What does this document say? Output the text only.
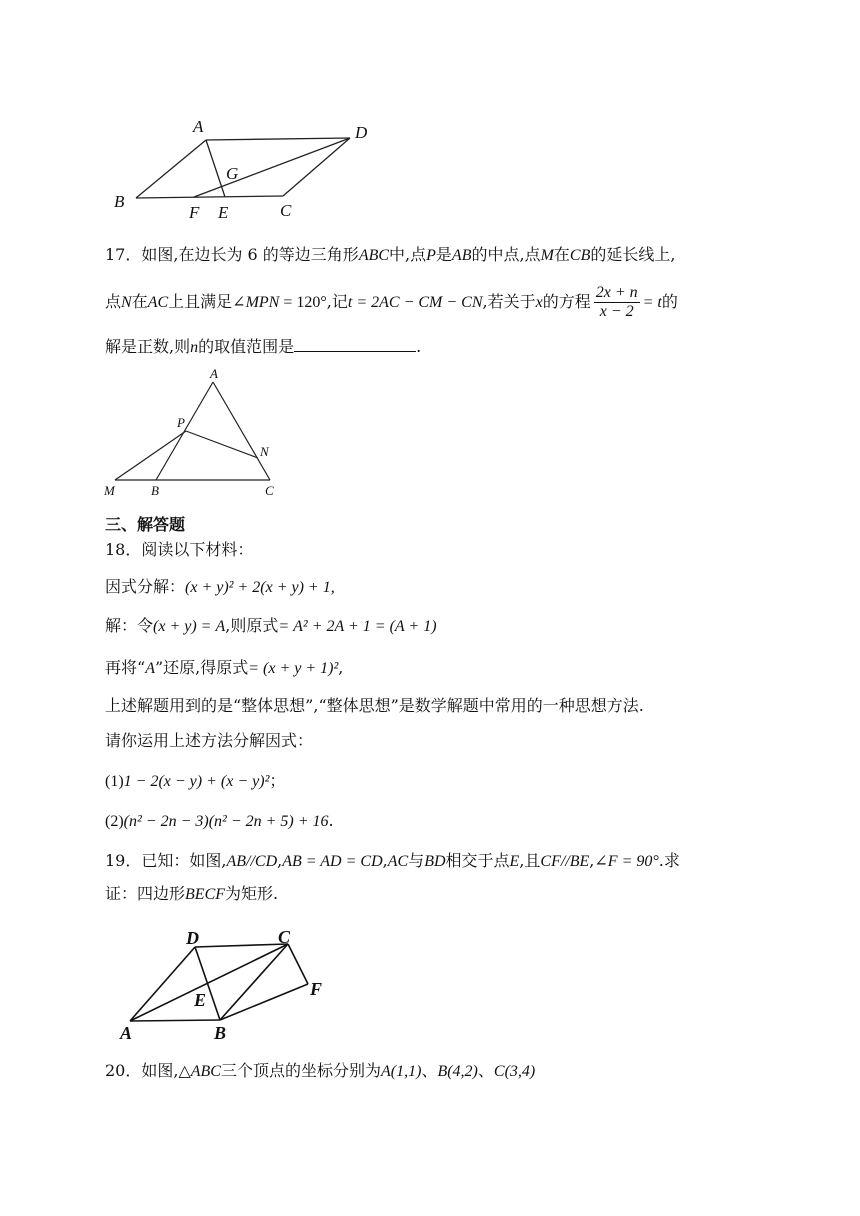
A	D
G
B
F E	C
17．如图,在边长为 6 的等边三角形ABC中,点P是AB的中点,点M在CB的延长线上,
点N在AC上且满足∠MPN = 120°,记t = 2AC − CM − CN,若关于x的方程 $\frac{2x + n}{x - 2} = t$的
解是正数,则n的取值范围是	.
A
P
N
M	B	C
三、解答题
18．阅读以下材料：
因式分解：(x + y)² + 2(x + y) + 1,
解：令(x + y) = A,则原式= A² + 2A + 1 = (A + 1)
再将“A”还原,得原式= (x + y + 1)²,
上述解题用到的是“整体思想”,“整体思想”是数学解题中常用的一种思想方法.
请你运用上述方法分解因式：
(1)1 − 2(x − y) + (x − y)²；
(2)(n² − 2n − 3)(n² − 2n + 5) + 16.
19．已知：如图,AB//CD,AB = AD = CD,AC与BD相交于点E,且CF//BE,∠F = 90°.求
证：四边形BECF为矩形.
D	C
E
F
A	B
20．如图,△ABC三个顶点的坐标分别为A(1,1)、B(4,2)、C(3,4)
